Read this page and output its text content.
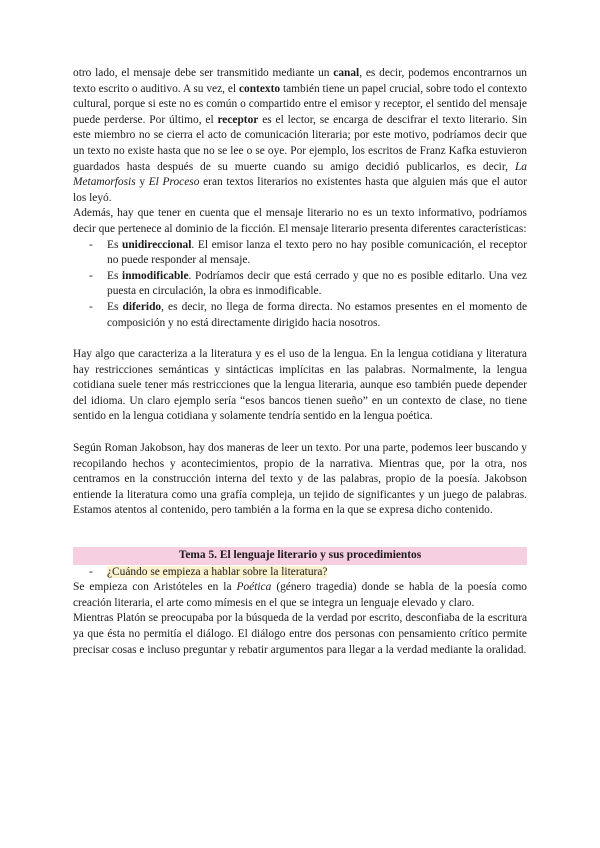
otro lado, el mensaje debe ser transmitido mediante un canal, es decir, podemos encontrarnos un texto escrito o auditivo. A su vez, el contexto también tiene un papel crucial, sobre todo el contexto cultural, porque si este no es común o compartido entre el emisor y receptor, el sentido del mensaje puede perderse. Por último, el receptor es el lector, se encarga de descifrar el texto literario. Sin este miembro no se cierra el acto de comunicación literaria; por este motivo, podríamos decir que un texto no existe hasta que no se lee o se oye. Por ejemplo, los escritos de Franz Kafka estuvieron guardados hasta después de su muerte cuando su amigo decidió publicarlos, es decir, La Metamorfosis y El Proceso eran textos literarios no existentes hasta que alguien más que el autor los leyó.

Además, hay que tener en cuenta que el mensaje literario no es un texto informativo, podríamos decir que pertenece al dominio de la ficción. El mensaje literario presenta diferentes características:

- Es unidireccional. El emisor lanza el texto pero no hay posible comunicación, el receptor no puede responder al mensaje.
- Es inmodificable. Podríamos decir que está cerrado y que no es posible editarlo. Una vez puesta en circulación, la obra es inmodificable.
- Es diferido, es decir, no llega de forma directa. No estamos presentes en el momento de composición y no está directamente dirigido hacia nosotros.

Hay algo que caracteriza a la literatura y es el uso de la lengua. En la lengua cotidiana y literatura hay restricciones semánticas y sintácticas implícitas en las palabras. Normalmente, la lengua cotidiana suele tener más restricciones que la lengua literaria, aunque eso también puede depender del idioma. Un claro ejemplo sería “esos bancos tienen sueño” en un contexto de clase, no tiene sentido en la lengua cotidiana y solamente tendría sentido en la lengua poética.

Según Roman Jakobson, hay dos maneras de leer un texto. Por una parte, podemos leer buscando y recopilando hechos y acontecimientos, propio de la narrativa. Mientras que, por la otra, nos centramos en la construcción interna del texto y de las palabras, propio de la poesía. Jakobson entiende la literatura como una grafía compleja, un tejido de significantes y un juego de palabras. Estamos atentos al contenido, pero también a la forma en la que se expresa dicho contenido.

Tema 5. El lenguaje literario y sus procedimientos
- ¿Cuándo se empieza a hablar sobre la literatura?

Se empieza con Aristóteles en la Poética (género tragedia) donde se habla de la poesía como creación literaria, el arte como mímesis en el que se integra un lenguaje elevado y claro.

Mientras Platón se preocupaba por la búsqueda de la verdad por escrito, desconfiaba de la escritura ya que ésta no permitía el diálogo. El diálogo entre dos personas con pensamiento crítico permite precisar cosas e incluso preguntar y rebatir argumentos para llegar a la verdad mediante la oralidad.
